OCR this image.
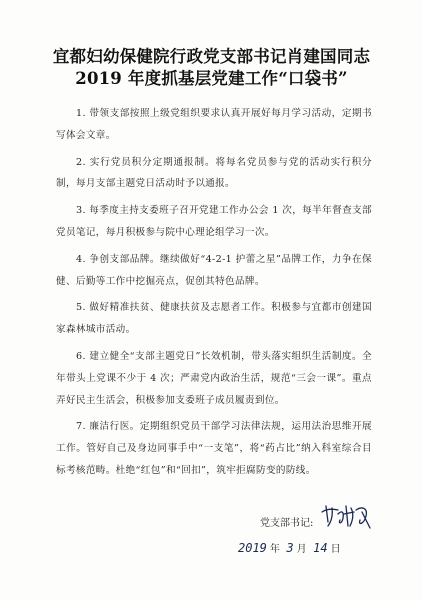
宜都妇幼保健院行政党支部书记肖建国同志
2019 年度抓基层党建工作“口袋书”

1. 带领支部按照上级党组织要求认真开展好每月学习活动，定期书写体会文章。

2. 实行党员积分定期通报制。将每名党员参与党的活动实行积分制，每月支部主题党日活动时予以通报。

3. 每季度主持支委班子召开党建工作办公会 1 次，每半年督查支部党员笔记，每月积极参与院中心理论组学习一次。

4. 争创支部品牌。继续做好“4-2-1 护蕾之星”品牌工作，力争在保健、后勤等工作中挖掘亮点，促创其特色品牌。

5. 做好精准扶贫、健康扶贫及志愿者工作。积极参与宜都市创建国家森林城市活动。

6. 建立健全“支部主题党日”长效机制，带头落实组织生活制度。全年带头上党课不少于 4 次；严肃党内政治生活，规范“三会一课”。重点弄好民主生活会，积极参加支委班子成员履责到位。

7. 廉洁行医。定期组织党员干部学习法律法规，运用法治思维开展工作。管好自己及身边同事手中“一支笔”，将“药占比”纳入科室综合目标考核范畴。杜绝“红包”和“回扣”，筑牢拒腐防变的防线。

党支部书记:
2019 年 3 月 14 日
